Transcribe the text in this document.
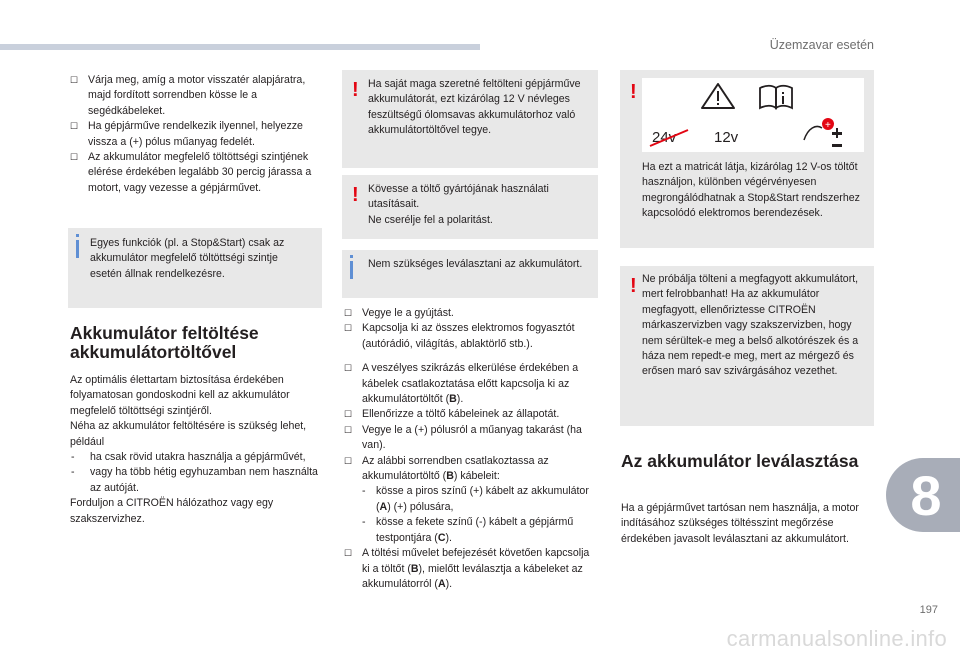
Üzemzavar esetén
☐ Várja meg, amíg a motor visszatér alapjáratra, majd fordított sorrendben kösse le a segédkábeleket.
☐ Ha gépjárműve rendelkezik ilyennel, helyezze vissza a (+) pólus műanyag fedelét.
☐ Az akkumulátor megfelelő töltöttségi szintjének elérése érdekében legalább 30 percig járassa a motort, vagy vezesse a gépjárművet.
Egyes funkciók (pl. a Stop&Start) csak az akkumulátor megfelelő töltöttségi szintje esetén állnak rendelkezésre.
Akkumulátor feltöltése akkumulátortöltővel
Az optimális élettartam biztosítása érdekében folyamatosan gondoskodni kell az akkumulátor megfelelő töltöttségi szintjéről.
Néha az akkumulátor feltöltésére is szükség lehet, például
- ha csak rövid utakra használja a gépjárművét,
- vagy ha több hétig egyhuzamban nem használta az autóját.
Forduljon a CITROËN hálózathoz vagy egy szakszervizhez.
! Ha saját maga szeretné feltölteni gépjárműve akkumulátorát, ezt kizárólag 12 V névleges feszültségű ólomsavas akkumulátorhoz való akkumulátortöltővel tegye.
! Kövesse a töltő gyártójának használati utasításait.
Ne cserélje fel a polaritást.
Nem szükséges leválasztani az akkumulátort.
☐ Vegye le a gyújtást.
☐ Kapcsolja ki az összes elektromos fogyasztót (autórádió, világítás, ablaktörlő stb.).
☐ A veszélyes szikrázás elkerülése érdekében a kábelek csatlakoztatása előtt kapcsolja ki az akkumulátortöltőt (B).
☐ Ellenőrizze a töltő kábeleinek az állapotát.
☐ Vegye le a (+) pólusról a műanyag takarást (ha van).
☐ Az alábbi sorrendben csatlakoztassa az akkumulátortöltő (B) kábeleit:
- kösse a piros színű (+) kábelt az akkumulátor (A) (+) pólusára,
- kösse a fekete színű (-) kábelt a gépjármű testpontjára (C).
☐ A töltési művelet befejezését követően kapcsolja ki a töltőt (B), mielőtt leválasztja a kábeleket az akkumulátorról (A).
!
24v	12v
+
Ha ezt a matricát látja, kizárólag 12 V-os töltőt használjon, különben végérvényesen megrongálódhatnak a Stop&Start rendszerhez kapcsolódó elektromos berendezések.
! Ne próbálja tölteni a megfagyott akkumulátort, mert felrobbanhat! Ha az akkumulátor megfagyott, ellenőriztesse CITROËN márkaszervizben vagy szakszervizben, hogy nem sérültek-e meg a belső alkotórészek és a háza nem repedt-e meg, mert az mérgező és erősen maró sav szivárgásához vezethet.
Az akkumulátor leválasztása
Ha a gépjárművet tartósan nem használja, a motor indításához szükséges töltésszint megőrzése érdekében javasolt leválasztani az akkumulátort.
8
197
carmanualsonline.info
